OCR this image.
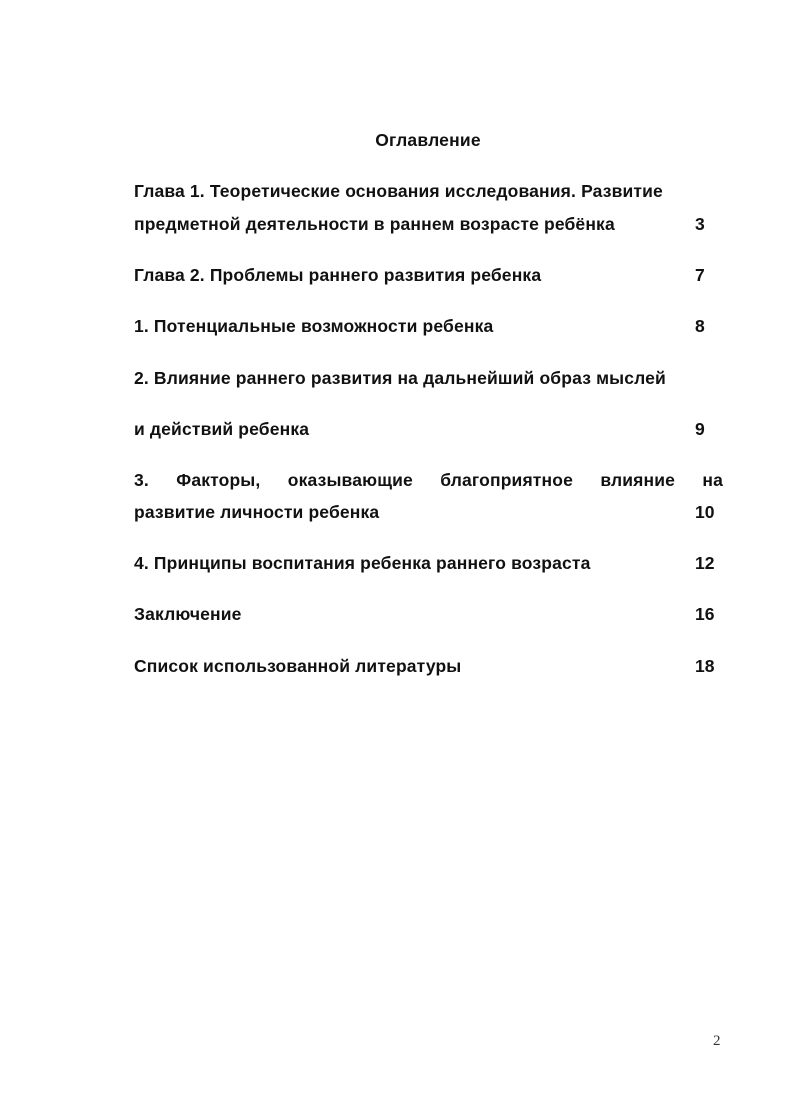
Оглавление
Глава 1. Теоретические основания исследования. Развитие
предметной деятельности в раннем возрасте ребёнка	3
Глава 2. Проблемы раннего развития ребенка	7
1. Потенциальные возможности ребенка	8
2. Влияние раннего развития на дальнейший образ мыслей
и действий ребенка	9
3. Факторы, оказывающие благоприятное влияние на
развитие личности ребенка	10
4. Принципы воспитания ребенка раннего возраста	12
Заключение	16
Список использованной литературы	18
2
